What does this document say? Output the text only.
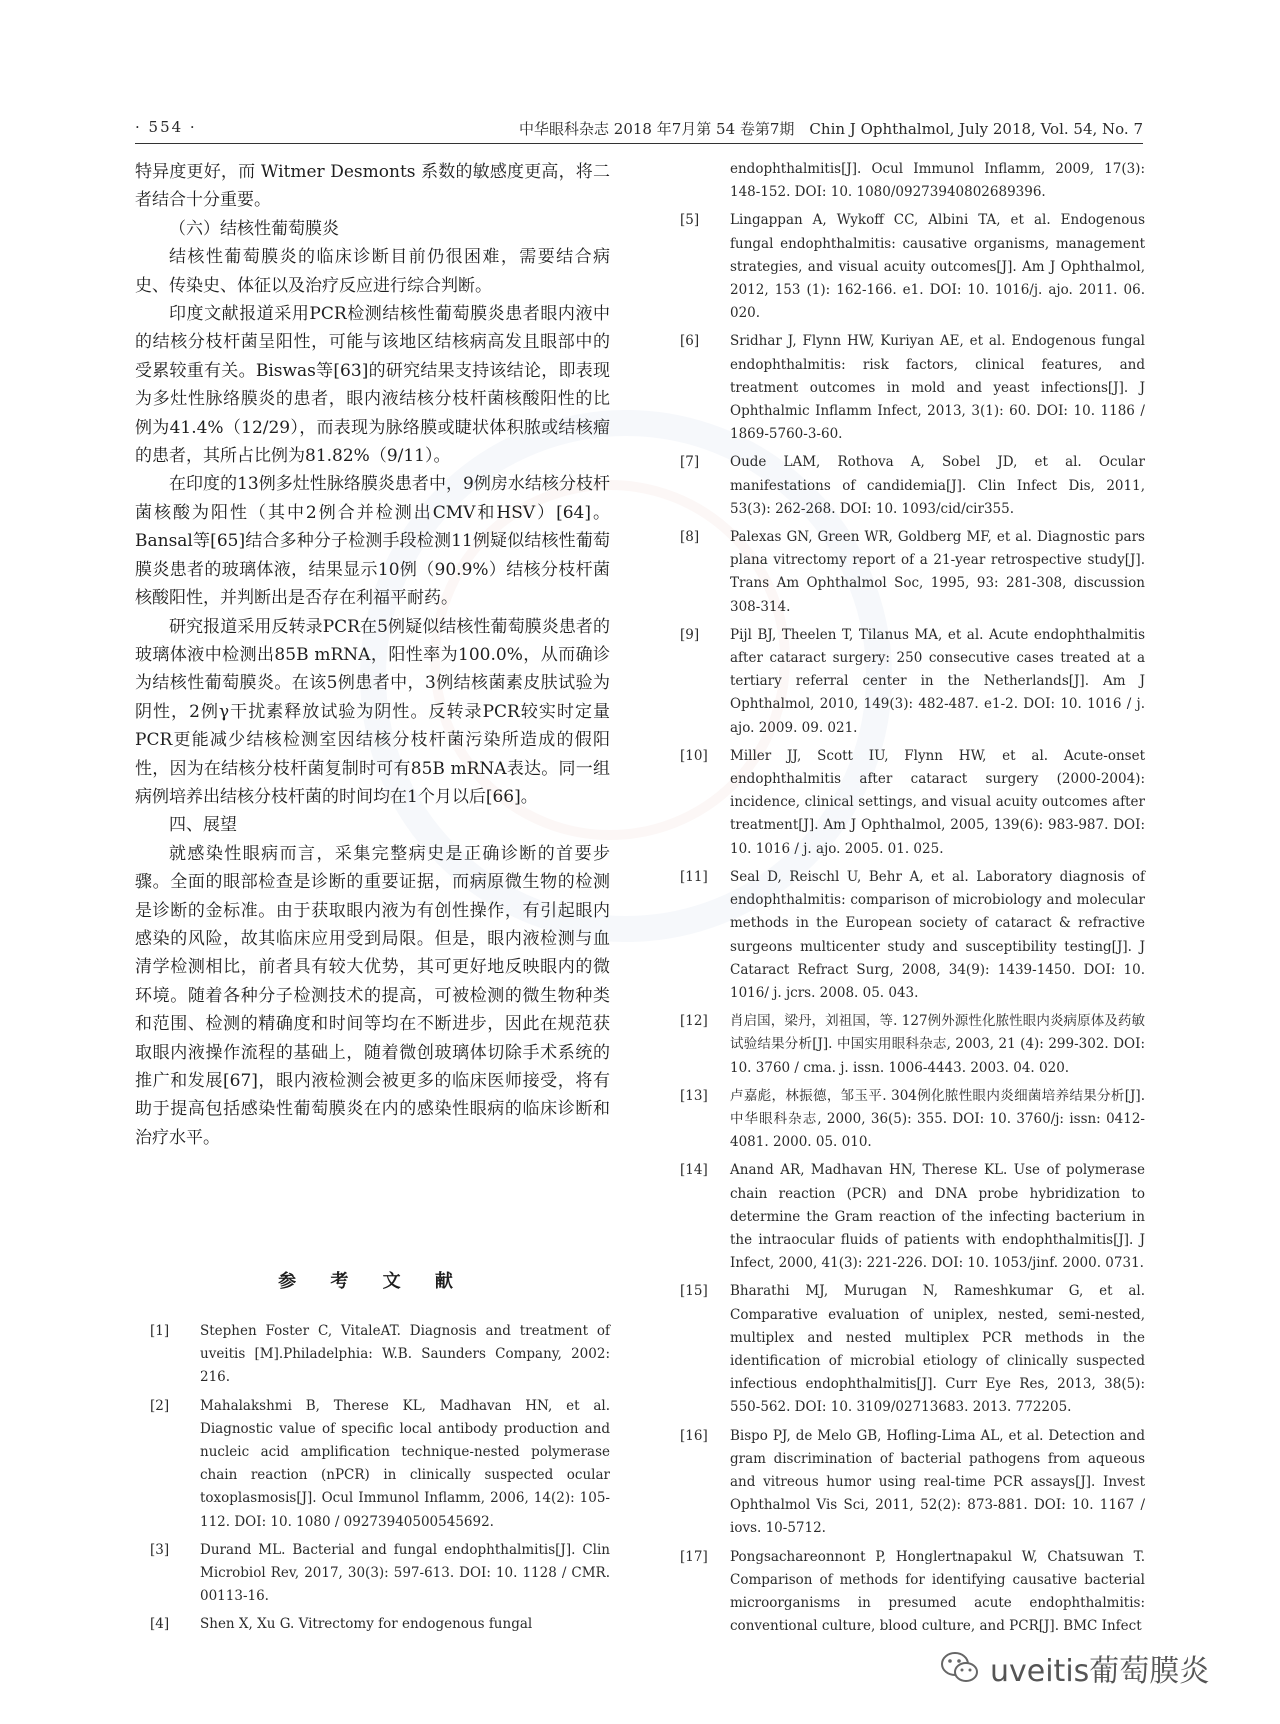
· 554 ·	中华眼科杂志 2018 年7月第 54 卷第7期　Chin J Ophthalmol, July 2018, Vol. 54, No. 7

特异度更好，而 Witmer Desmonts 系数的敏感度更高，将二者结合十分重要。

（六）结核性葡萄膜炎

结核性葡萄膜炎的临床诊断目前仍很困难，需要结合病史、传染史、体征以及治疗反应进行综合判断。

印度文献报道采用PCR检测结核性葡萄膜炎患者眼内液中的结核分枝杆菌呈阳性，可能与该地区结核病高发且眼部中的受累较重有关。Biswas等[63]的研究结果支持该结论，即表现为多灶性脉络膜炎的患者，眼内液结核分枝杆菌核酸阳性的比例为41.4%（12/29），而表现为脉络膜或睫状体积脓或结核瘤的患者，其所占比例为81.82%（9/11）。

在印度的13例多灶性脉络膜炎患者中，9例房水结核分枝杆菌核酸为阳性（其中2例合并检测出CMV和HSV）[64]。Bansal等[65]结合多种分子检测手段检测11例疑似结核性葡萄膜炎患者的玻璃体液，结果显示10例（90.9%）结核分枝杆菌核酸阳性，并判断出是否存在利福平耐药。

研究报道采用反转录PCR在5例疑似结核性葡萄膜炎患者的玻璃体液中检测出85B mRNA，阳性率为100.0%，从而确诊为结核性葡萄膜炎。在该5例患者中，3例结核菌素皮肤试验为阴性，2例γ干扰素释放试验为阴性。反转录PCR较实时定量PCR更能减少结核检测室因结核分枝杆菌污染所造成的假阳性，因为在结核分枝杆菌复制时可有85B mRNA表达。同一组病例培养出结核分枝杆菌的时间均在1个月以后[66]。

四、展望

就感染性眼病而言，采集完整病史是正确诊断的首要步骤。全面的眼部检查是诊断的重要证据，而病原微生物的检测是诊断的金标准。由于获取眼内液为有创性操作，有引起眼内感染的风险，故其临床应用受到局限。但是，眼内液检测与血清学检测相比，前者具有较大优势，其可更好地反映眼内的微环境。随着各种分子检测技术的提高，可被检测的微生物种类和范围、检测的精确度和时间等均在不断进步，因此在规范获取眼内液操作流程的基础上，随着微创玻璃体切除手术系统的推广和发展[67]，眼内液检测会被更多的临床医师接受，将有助于提高包括感染性葡萄膜炎在内的感染性眼病的临床诊断和治疗水平。

参 考 文 献
[1] Stephen Foster C, VitaleAT. Diagnosis and treatment of uveitis [M].Philadelphia: W.B. Saunders Company, 2002: 216.
[2] Mahalakshmi B, Therese KL, Madhavan HN, et al. Diagnostic value of specific local antibody production and nucleic acid amplification technique-nested polymerase chain reaction (nPCR) in clinically suspected ocular toxoplasmosis[J]. Ocul Immunol Inflamm, 2006, 14(2): 105-112. DOI: 10. 1080 / 09273940500545692.
[3] Durand ML. Bacterial and fungal endophthalmitis[J]. Clin Microbiol Rev, 2017, 30(3): 597-613. DOI: 10. 1128 / CMR. 00113-16.
[4] Shen X, Xu G. Vitrectomy for endogenous fungal
endophthalmitis[J]. Ocul Immunol Inflamm, 2009, 17(3): 148-152. DOI: 10. 1080/09273940802689396.
[5] Lingappan A, Wykoff CC, Albini TA, et al. Endogenous fungal endophthalmitis: causative organisms, management strategies, and visual acuity outcomes[J]. Am J Ophthalmol, 2012, 153 (1): 162-166. e1. DOI: 10. 1016/j. ajo. 2011. 06. 020.
[6] Sridhar J, Flynn HW, Kuriyan AE, et al. Endogenous fungal endophthalmitis: risk factors, clinical features, and treatment outcomes in mold and yeast infections[J]. J Ophthalmic Inflamm Infect, 2013, 3(1): 60. DOI: 10. 1186 / 1869-5760-3-60.
[7] Oude LAM, Rothova A, Sobel JD, et al. Ocular manifestations of candidemia[J]. Clin Infect Dis, 2011, 53(3): 262-268. DOI: 10. 1093/cid/cir355.
[8] Palexas GN, Green WR, Goldberg MF, et al. Diagnostic pars plana vitrectomy report of a 21-year retrospective study[J]. Trans Am Ophthalmol Soc, 1995, 93: 281-308, discussion 308-314.
[9] Pijl BJ, Theelen T, Tilanus MA, et al. Acute endophthalmitis after cataract surgery: 250 consecutive cases treated at a tertiary referral center in the Netherlands[J]. Am J Ophthalmol, 2010, 149(3): 482-487. e1-2. DOI: 10. 1016 / j. ajo. 2009. 09. 021.
[10] Miller JJ, Scott IU, Flynn HW, et al. Acute-onset endophthalmitis after cataract surgery (2000-2004): incidence, clinical settings, and visual acuity outcomes after treatment[J]. Am J Ophthalmol, 2005, 139(6): 983-987. DOI: 10. 1016 / j. ajo. 2005. 01. 025.
[11] Seal D, Reischl U, Behr A, et al. Laboratory diagnosis of endophthalmitis: comparison of microbiology and molecular methods in the European society of cataract & refractive surgeons multicenter study and susceptibility testing[J]. J Cataract Refract Surg, 2008, 34(9): 1439-1450. DOI: 10. 1016/ j. jcrs. 2008. 05. 043.
[12] 肖启国，梁丹，刘祖国，等. 127例外源性化脓性眼内炎病原体及药敏试验结果分析[J]. 中国实用眼科杂志, 2003, 21 (4): 299-302. DOI: 10. 3760 / cma. j. issn. 1006-4443. 2003. 04. 020.
[13] 卢嘉彪，林振德，邹玉平. 304例化脓性眼内炎细菌培养结果分析[J]. 中华眼科杂志, 2000, 36(5): 355. DOI: 10. 3760/j: issn: 0412-4081. 2000. 05. 010.
[14] Anand AR, Madhavan HN, Therese KL. Use of polymerase chain reaction (PCR) and DNA probe hybridization to determine the Gram reaction of the infecting bacterium in the intraocular fluids of patients with endophthalmitis[J]. J Infect, 2000, 41(3): 221-226. DOI: 10. 1053/jinf. 2000. 0731.
[15] Bharathi MJ, Murugan N, Rameshkumar G, et al. Comparative evaluation of uniplex, nested, semi-nested, multiplex and nested multiplex PCR methods in the identification of microbial etiology of clinically suspected infectious endophthalmitis[J]. Curr Eye Res, 2013, 38(5): 550-562. DOI: 10. 3109/02713683. 2013. 772205.
[16] Bispo PJ, de Melo GB, Hofling-Lima AL, et al. Detection and gram discrimination of bacterial pathogens from aqueous and vitreous humor using real-time PCR assays[J]. Invest Ophthalmol Vis Sci, 2011, 52(2): 873-881. DOI: 10. 1167 / iovs. 10-5712.
[17] Pongsachareonnont P, Honglertnapakul W, Chatsuwan T. Comparison of methods for identifying causative bacterial microorganisms in presumed acute endophthalmitis: conventional culture, blood culture, and PCR[J]. BMC Infect
uveitis葡萄膜炎
